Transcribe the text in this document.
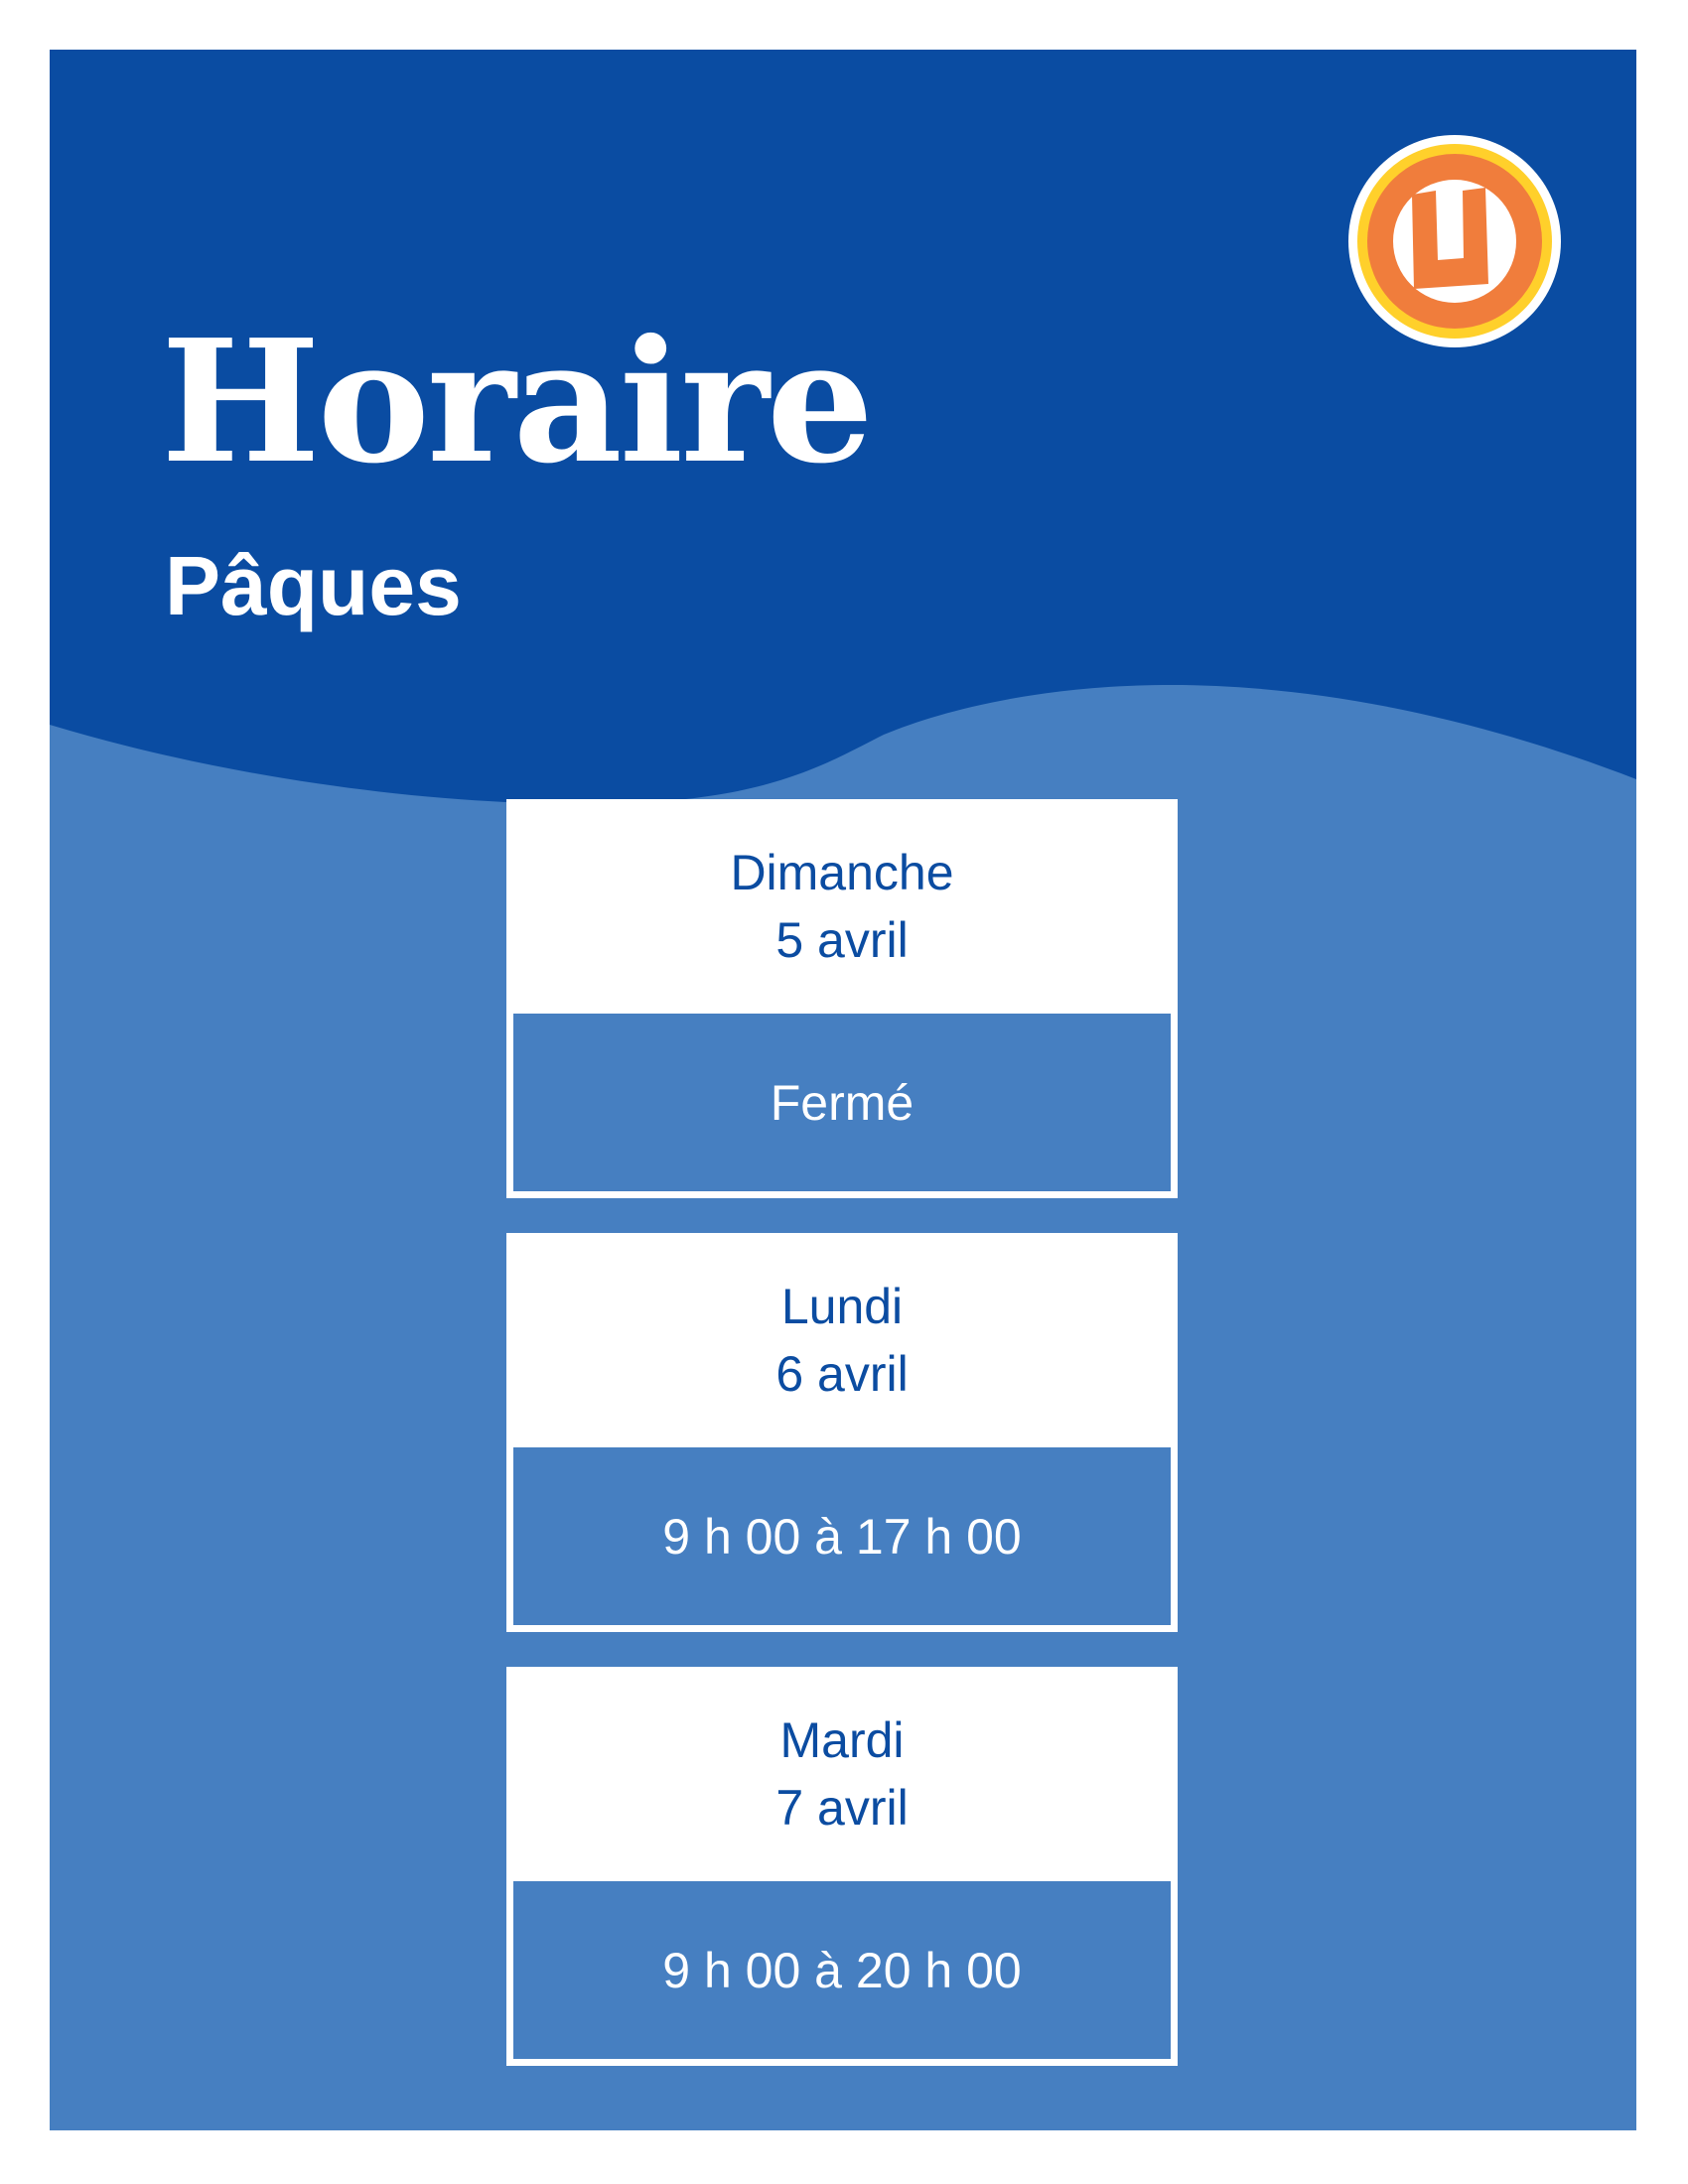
Horaire
Pâques
Dimanche
5 avril
Fermé
Lundi
6 avril
9 h 00 à 17 h 00
Mardi
7 avril
9 h 00 à 20 h 00
